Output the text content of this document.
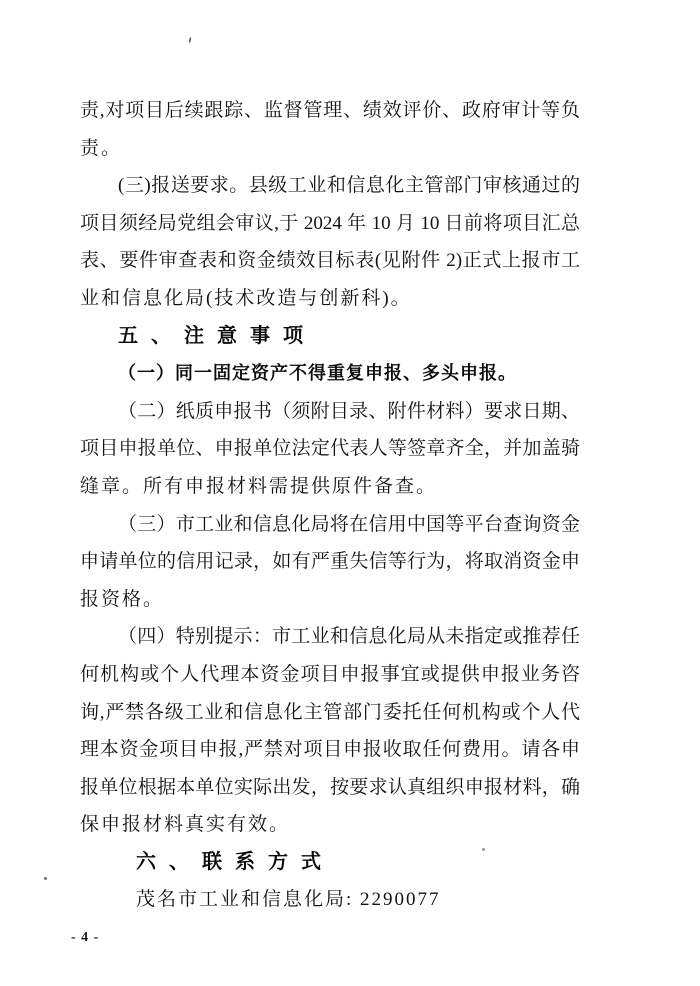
责,对项目后续跟踪、监督管理、绩效评价、政府审计等负
责。
(三)报送要求。县级工业和信息化主管部门审核通过的
项目须经局党组会审议,于 2024 年 10 月 10 日前将项目汇总
表、要件审查表和资金绩效目标表(见附件 2)正式上报市工
业和信息化局(技术改造与创新科)。
五、注意事项
（一）同一固定资产不得重复申报、多头申报。
（二）纸质申报书（须附目录、附件材料）要求日期、
项目申报单位、申报单位法定代表人等签章齐全，并加盖骑
缝章。所有申报材料需提供原件备查。
（三）市工业和信息化局将在信用中国等平台查询资金
申请单位的信用记录，如有严重失信等行为，将取消资金申
报资格。
（四）特别提示：市工业和信息化局从未指定或推荐任
何机构或个人代理本资金项目申报事宜或提供申报业务咨
询,严禁各级工业和信息化主管部门委托任何机构或个人代
理本资金项目申报,严禁对项目申报收取任何费用。请各申
报单位根据本单位实际出发，按要求认真组织申报材料，确
保申报材料真实有效。
六、联系方式
茂名市工业和信息化局: 2290077
- 4 -
